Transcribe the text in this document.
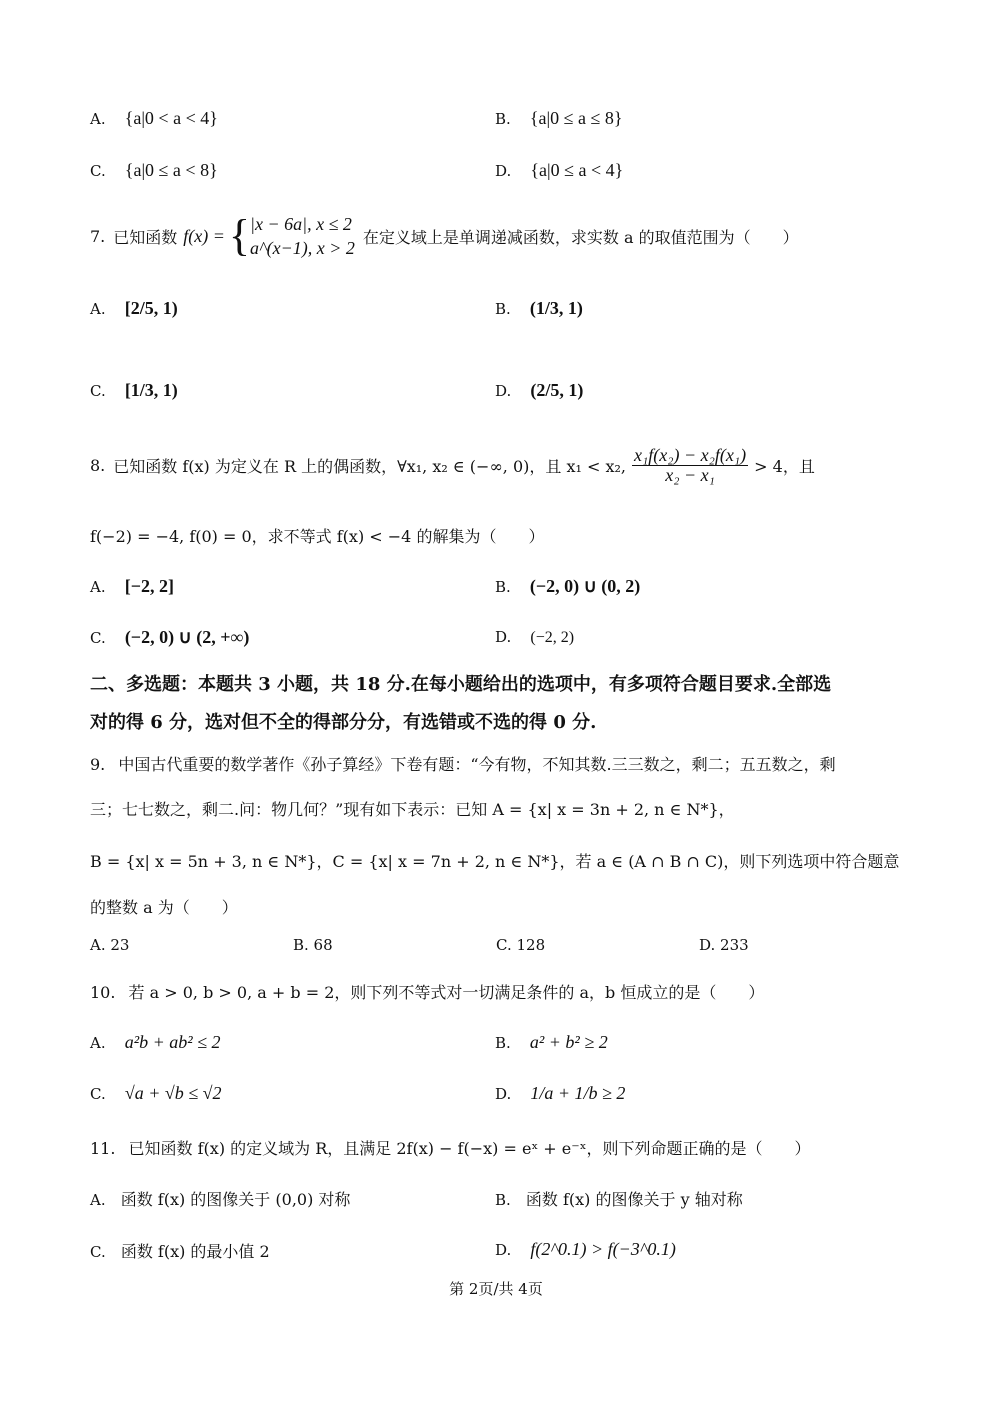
A. {a|0 < a < 4}	B. {a|0 ≤ a ≤ 8}
C. {a|0 ≤ a < 8}	D. {a|0 ≤ a < 4}
7. 已知函数 f(x) = { |x − 6a|, x ≤ 2
a^(x−1), x > 2
在定义域上是单调递减函数，求实数 a 的取值范围为（　　）
A. [2/5, 1)	B. (1/3, 1)
C. [1/3, 1)	D. (2/5, 1)
8. 已知函数 f(x) 为定义在 R 上的偶函数，∀x₁, x₂ ∈ (−∞, 0)，且 x₁ < x₂, $\frac{\text{x₁f(x₂) − x₂f(x₁)}}{\text{x₂ − x₁}} > 4$，且
f(−2) = −4, f(0) = 0，求不等式 f(x) < −4 的解集为（　　）
A. [−2, 2]	B. (−2, 0) ∪ (0, 2)
C. (−2, 0) ∪ (2, +∞)	D. (−2, 2)
二、多选题：本题共 3 小题，共 18 分.在每小题给出的选项中，有多项符合题目要求.全部选
对的得 6 分，选对但不全的得部分分，有选错或不选的得 0 分.
9. 中国古代重要的数学著作《孙子算经》下卷有题：“今有物，不知其数.三三数之，剩二；五五数之，剩
三；七七数之，剩二.问：物几何？”现有如下表示：已知 A = {x| x = 3n + 2, n ∈ N*}，
B = {x| x = 5n + 3, n ∈ N*}，C = {x| x = 7n + 2, n ∈ N*}，若 a ∈ (A ∩ B ∩ C)，则下列选项中符合题意
的整数 a 为（　　）
A. 23	B. 68	C. 128	D. 233
10. 若 a > 0, b > 0, a + b = 2，则下列不等式对一切满足条件的 a，b 恒成立的是（　　）
A. a²b + ab² ≤ 2	B. a² + b² ≥ 2
C. √a + √b ≤ √2	D. 1/a + 1/b ≥ 2
11. 已知函数 f(x) 的定义域为 R，且满足 2f(x) − f(−x) = eˣ + e⁻ˣ，则下列命题正确的是（　　）
A. 函数 f(x) 的图像关于 (0,0) 对称	B. 函数 f(x) 的图像关于 y 轴对称
C. 函数 f(x) 的最小值 2	D. f(2^0.1) > f(−3^0.1)
第 2页/共 4页
